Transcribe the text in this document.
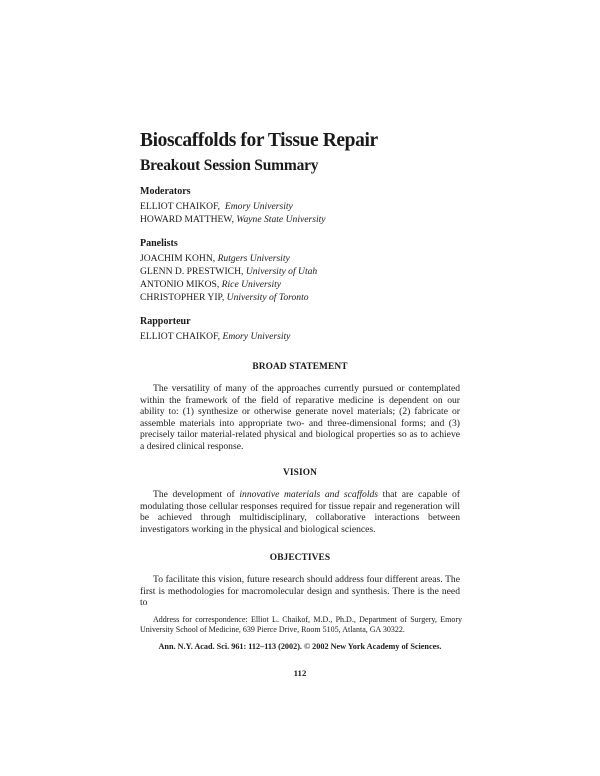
Bioscaffolds for Tissue Repair
Breakout Session Summary
Moderators
ELLIOT CHAIKOF, Emory University
HOWARD MATTHEW, Wayne State University
Panelists
JOACHIM KOHN, Rutgers University
GLENN D. PRESTWICH, University of Utah
ANTONIO MIKOS, Rice University
CHRISTOPHER YIP, University of Toronto
Rapporteur
ELLIOT CHAIKOF, Emory University
BROAD STATEMENT
The versatility of many of the approaches currently pursued or contemplated within the framework of the field of reparative medicine is dependent on our ability to: (1) synthesize or otherwise generate novel materials; (2) fabricate or assemble materials into appropriate two- and three-dimensional forms; and (3) precisely tailor material-related physical and biological properties so as to achieve a desired clinical response.
VISION
The development of innovative materials and scaffolds that are capable of modulating those cellular responses required for tissue repair and regeneration will be achieved through multidisciplinary, collaborative interactions between investigators working in the physical and biological sciences.
OBJECTIVES
To facilitate this vision, future research should address four different areas. The first is methodologies for macromolecular design and synthesis. There is the need to
Address for correspondence: Elliot L. Chaikof, M.D., Ph.D., Department of Surgery, Emory University School of Medicine, 639 Pierce Drive, Room 5105, Atlanta, GA 30322.
Ann. N.Y. Acad. Sci. 961: 112–113 (2002). © 2002 New York Academy of Sciences.
112
